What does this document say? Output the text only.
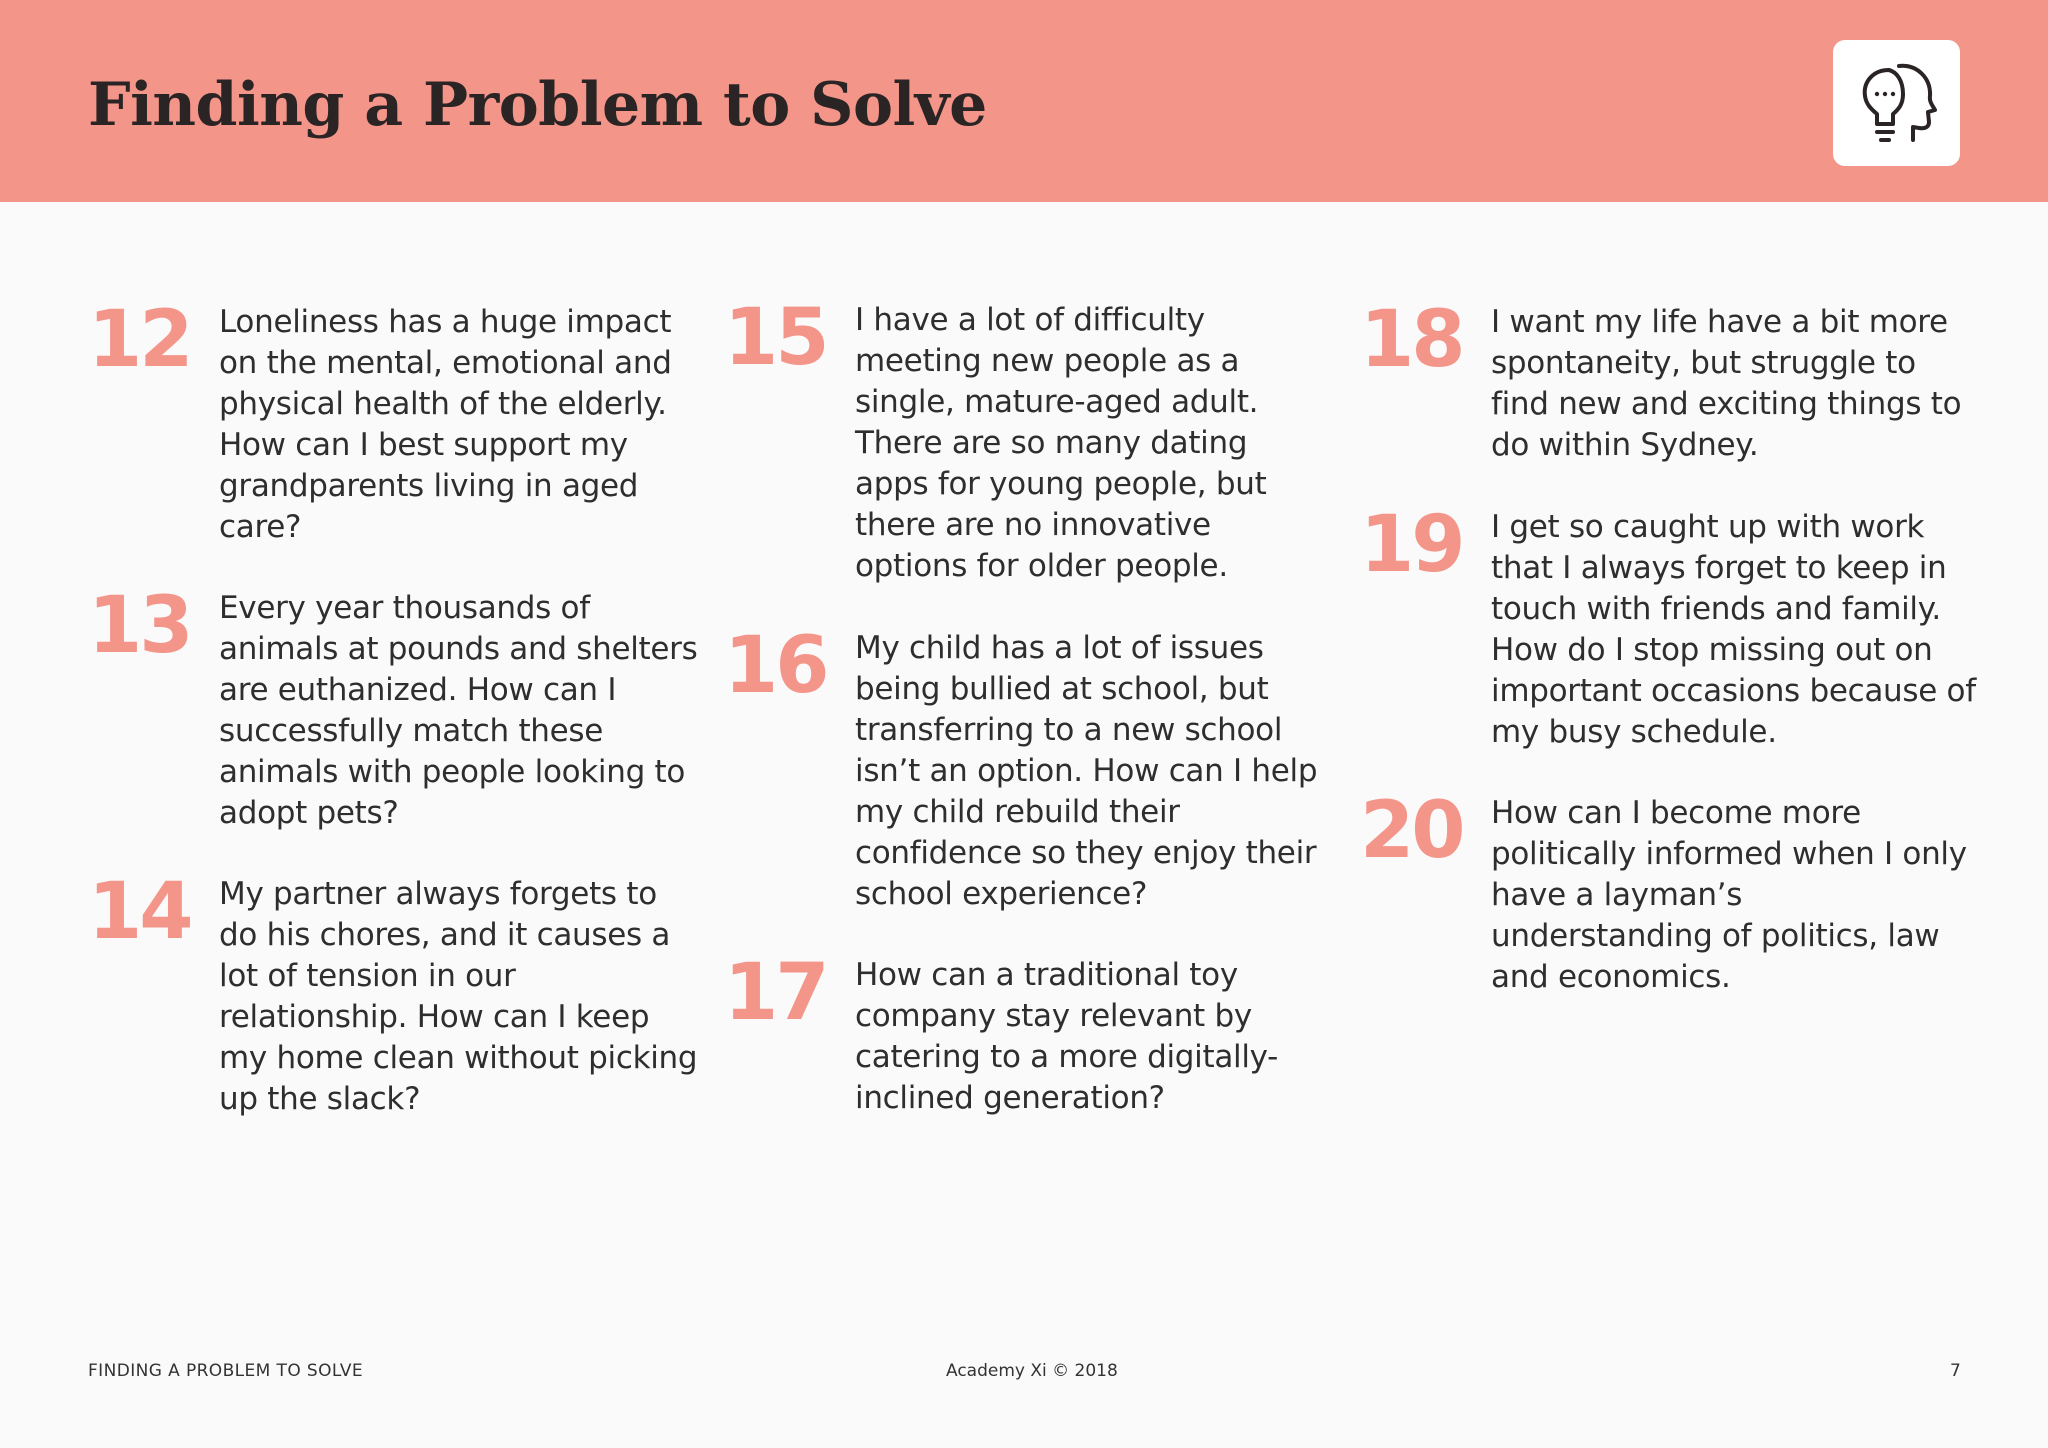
Finding a Problem to Solve
12 Loneliness has a huge impact on the mental, emotional and physical health of the elderly. How can I best support my grandparents living in aged care?

13 Every year thousands of animals at pounds and shelters are euthanized. How can I successfully match these animals with people looking to adopt pets?

14 My partner always forgets to do his chores, and it causes a lot of tension in our relationship. How can I keep my home clean without picking up the slack?

15 I have a lot of difficulty meeting new people as a single, mature-aged adult. There are so many dating apps for young people, but there are no innovative options for older people.

16 My child has a lot of issues being bullied at school, but transferring to a new school isn’t an option. How can I help my child rebuild their confidence so they enjoy their school experience?

17 How can a traditional toy company stay relevant by catering to a more digitally-inclined generation?

18 I want my life have a bit more spontaneity, but struggle to find new and exciting things to do within Sydney.

19 I get so caught up with work that I always forget to keep in touch with friends and family. How do I stop missing out on important occasions because of my busy schedule.

20 How can I become more politically informed when I only have a layman’s understanding of politics, law and economics.

FINDING A PROBLEM TO SOLVE	Academy Xi © 2018	7
